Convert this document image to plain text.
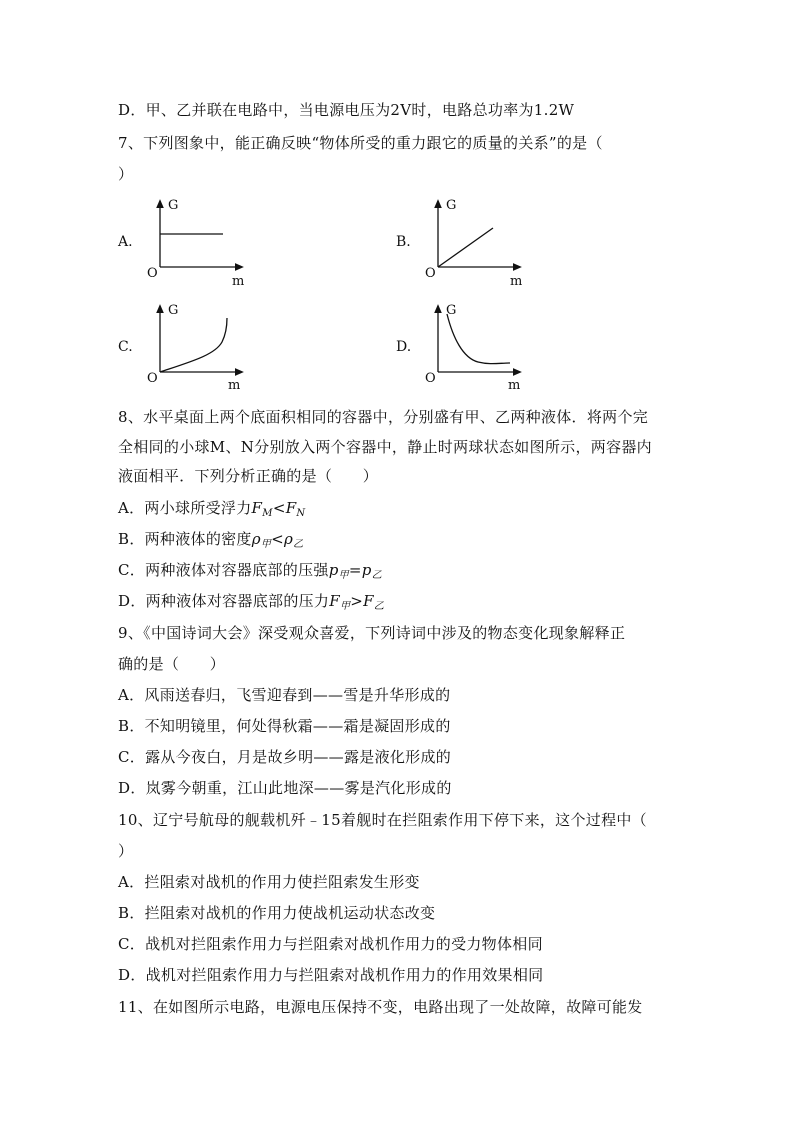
D．甲、乙并联在电路中，当电源电压为2V时，电路总功率为1.2W
7、下列图象中，能正确反映“物体所受的重力跟它的质量的关系”的是（
）
A.
G
m
O
B.
G
m
O
C.
G
m
O
D.
G
m
O
8、水平桌面上两个底面积相同的容器中，分别盛有甲、乙两种液体．将两个完
全相同的小球M、N分别放入两个容器中，静止时两球状态如图所示，两容器内
液面相平．下列分析正确的是（　　）
A．两小球所受浮力$F_M<F_N$
B．两种液体的密度$\rho_甲<\rho_乙$
C．两种液体对容器底部的压强$p_甲=p_乙$
D．两种液体对容器底部的压力$F_甲>F_乙$
9、《中国诗词大会》深受观众喜爱，下列诗词中涉及的物态变化现象解释正
确的是（　　）
A．风雨送春归，飞雪迎春到——雪是升华形成的
B．不知明镜里，何处得秋霜——霜是凝固形成的
C．露从今夜白，月是故乡明——露是液化形成的
D．岚雾今朝重，江山此地深——雾是汽化形成的
10、辽宁号航母的舰载机歼﹣15着舰时在拦阻索作用下停下来，这个过程中（
）
A．拦阻索对战机的作用力使拦阻索发生形变
B．拦阻索对战机的作用力使战机运动状态改变
C．战机对拦阻索作用力与拦阻索对战机作用力的受力物体相同
D．战机对拦阻索作用力与拦阻索对战机作用力的作用效果相同
11、在如图所示电路，电源电压保持不变，电路出现了一处故障，故障可能发
